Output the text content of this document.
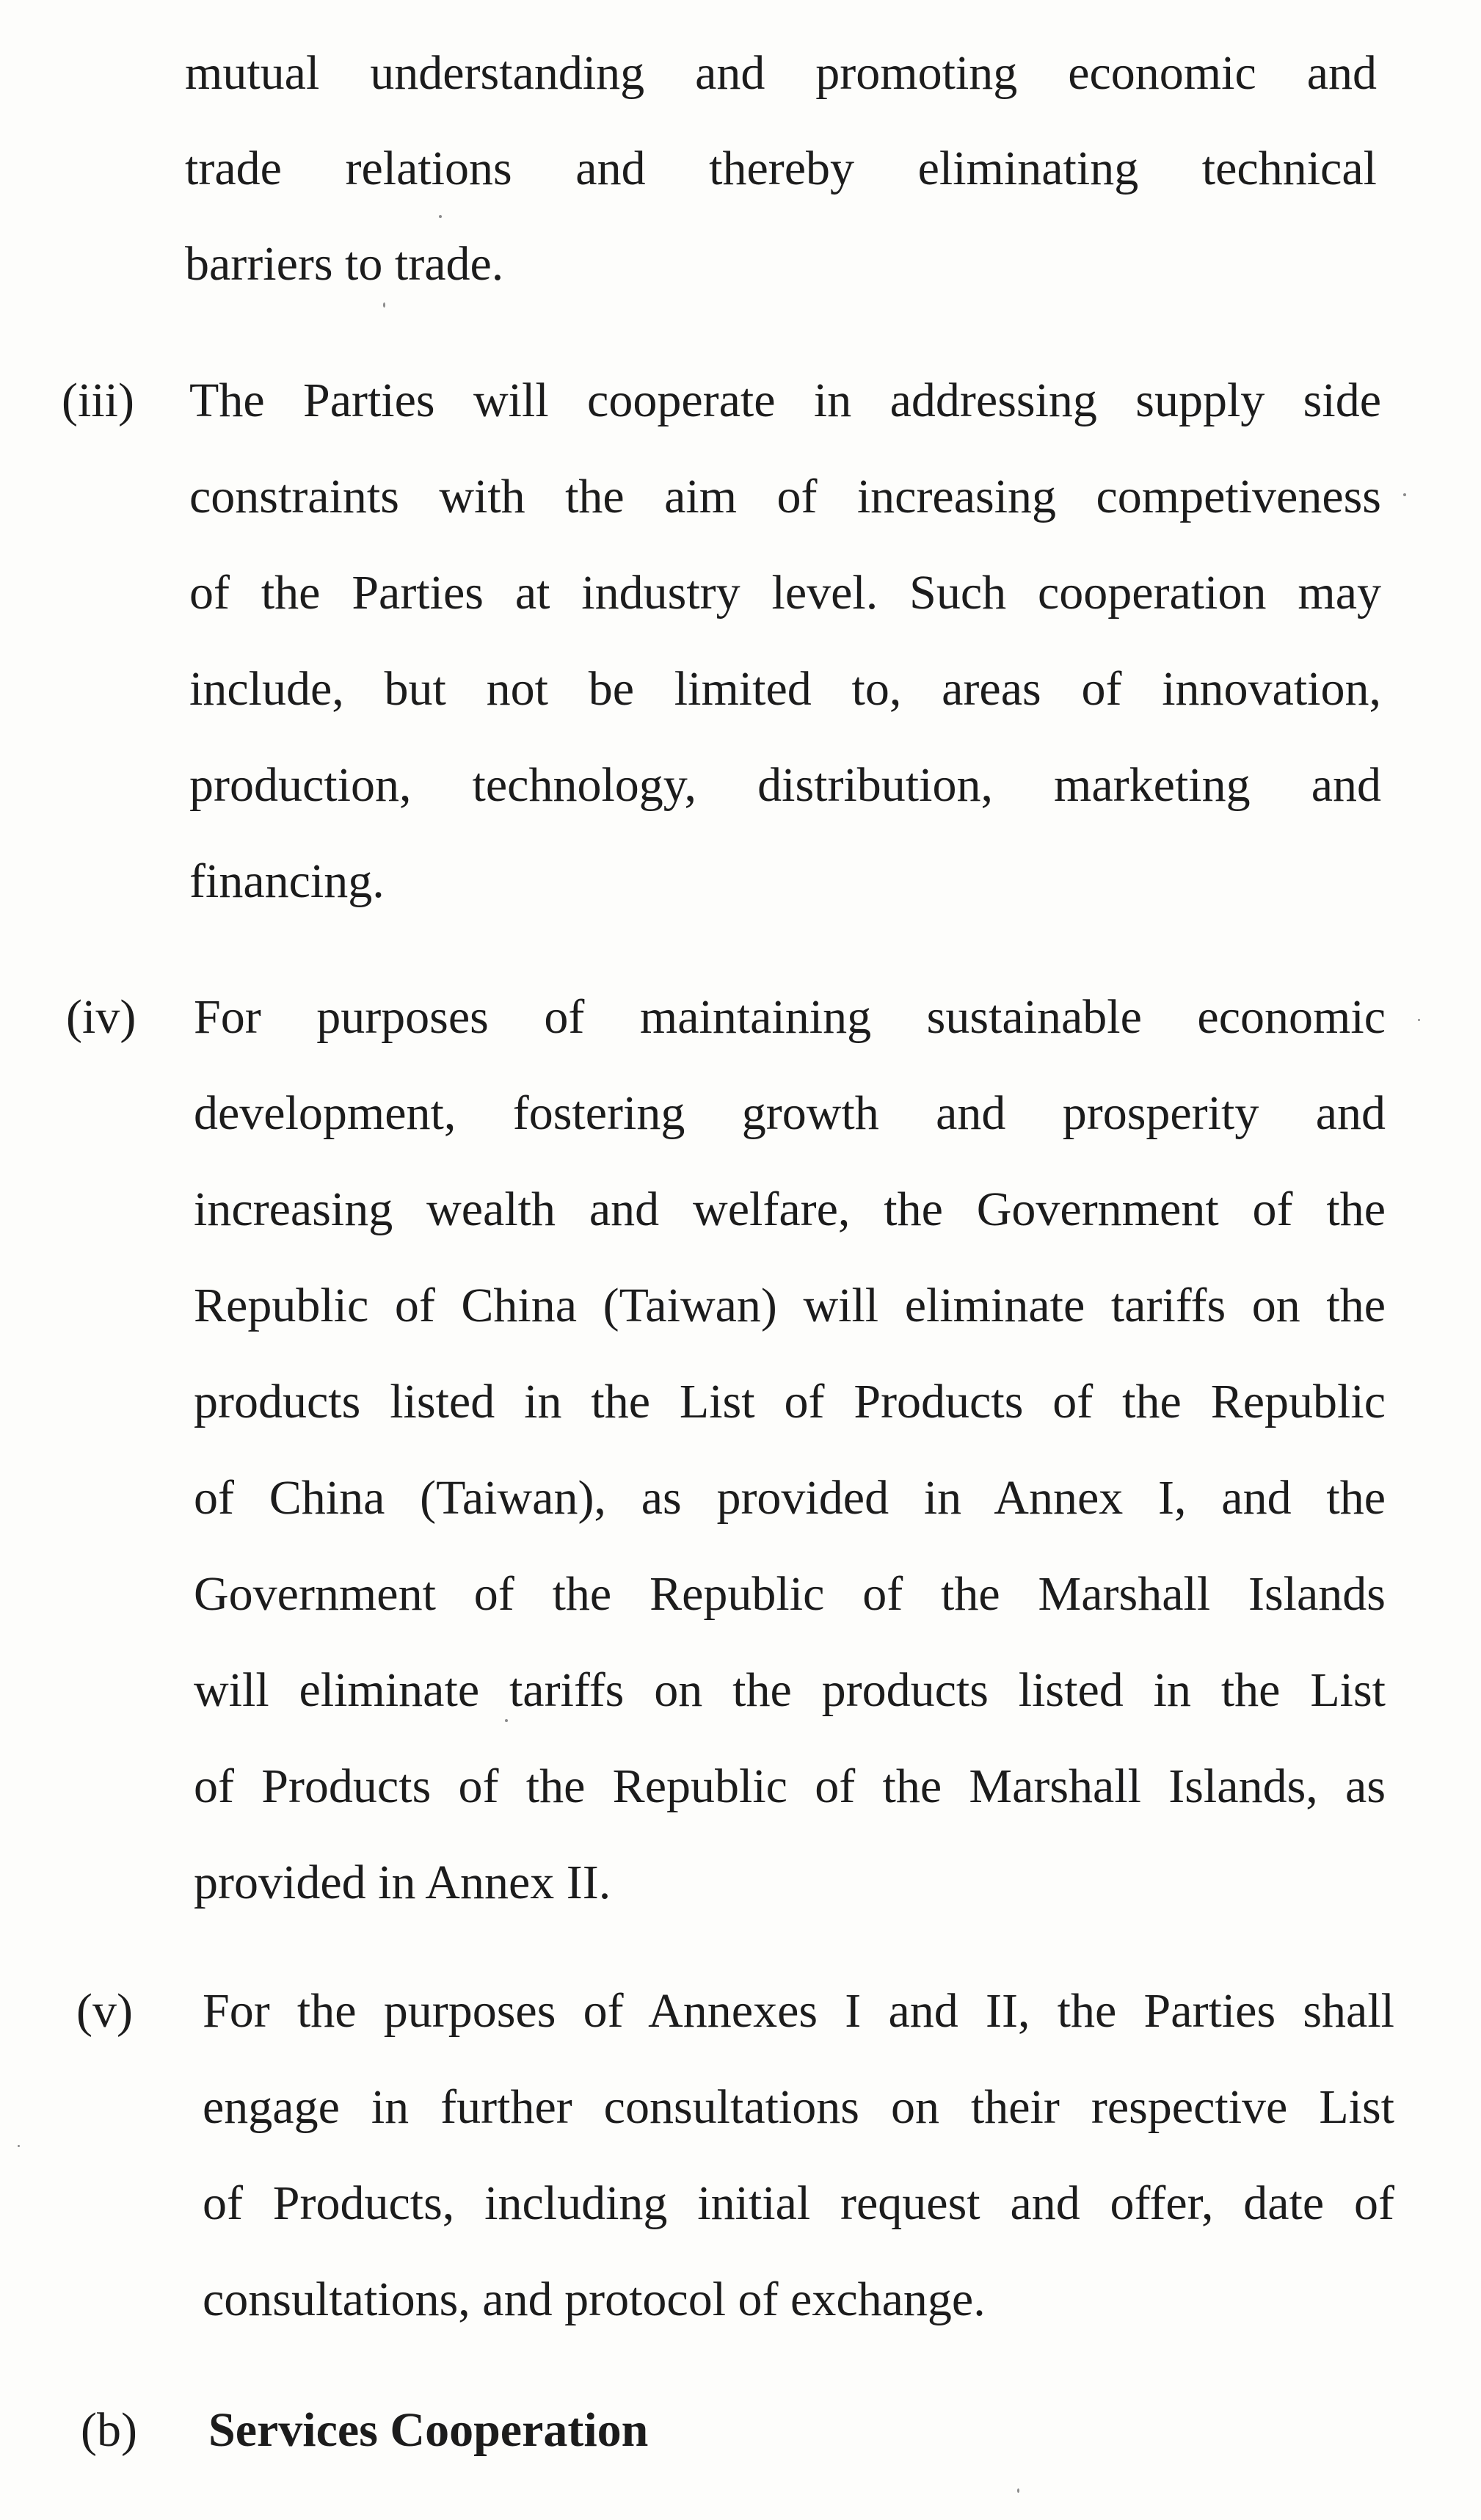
mutual understanding and promoting economic and
trade relations and thereby eliminating technical
barriers to trade.
(iii) The Parties will cooperate in addressing supply side
constraints with the aim of increasing competiveness
of the Parties at industry level. Such cooperation may
include, but not be limited to, areas of innovation,
production, technology, distribution, marketing and
financing.
(iv) For purposes of maintaining sustainable economic
development, fostering growth and prosperity and
increasing wealth and welfare, the Government of the
Republic of China (Taiwan) will eliminate tariffs on the
products listed in the List of Products of the Republic
of China (Taiwan), as provided in Annex I, and the
Government of the Republic of the Marshall Islands
will eliminate tariffs on the products listed in the List
of Products of the Republic of the Marshall Islands, as
provided in Annex II.
(v) For the purposes of Annexes I and II, the Parties shall
engage in further consultations on their respective List
of Products, including initial request and offer, date of
consultations, and protocol of exchange.
(b) Services Cooperation
